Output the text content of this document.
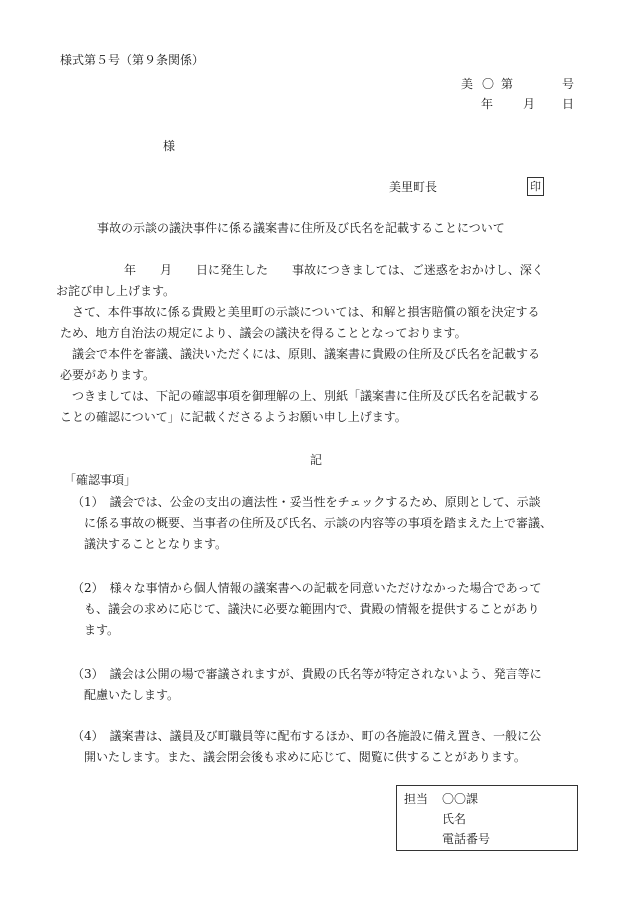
様式第５号（第９条関係）
美 〇 第	号
年 月 日
様
美里町長	印
事故の示談の議決事件に係る議案書に住所及び氏名を記載することについて
年　　月　　日に発生した　　事故につきましては、ご迷惑をおかけし、深く
お詫び申し上げます。
さて、本件事故に係る貴殿と美里町の示談については、和解と損害賠償の額を決定する
ため、地方自治法の規定により、議会の議決を得ることとなっております。
議会で本件を審議、議決いただくには、原則、議案書に貴殿の住所及び氏名を記載する
必要があります。
つきましては、下記の確認事項を御理解の上、別紙「議案書に住所及び氏名を記載する
ことの確認について」に記載くださるようお願い申し上げます。
記
「確認事項」
（1） 議会では、公金の支出の適法性・妥当性をチェックするため、原則として、示談
に係る事故の概要、当事者の住所及び氏名、示談の内容等の事項を踏まえた上で審議、
議決することとなります。
（2） 様々な事情から個人情報の議案書への記載を同意いただけなかった場合であって
も、議会の求めに応じて、議決に必要な範囲内で、貴殿の情報を提供することがあり
ます。
（3） 議会は公開の場で審議されますが、貴殿の氏名等が特定されないよう、発言等に
配慮いたします。
（4） 議案書は、議員及び町職員等に配布するほか、町の各施設に備え置き、一般に公
開いたします。また、議会閉会後も求めに応じて、閲覧に供することがあります。
担当 〇〇課
氏名
電話番号
